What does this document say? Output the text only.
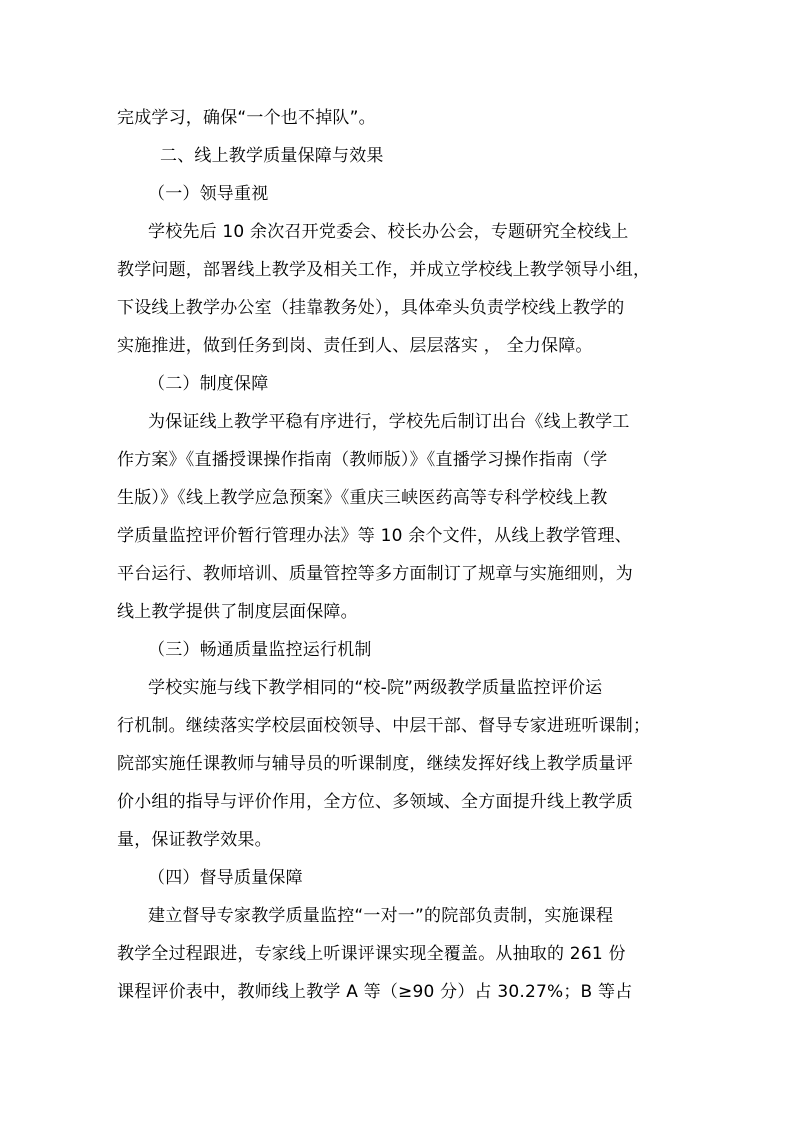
完成学习，确保“一个也不掉队”。
二、线上教学质量保障与效果
（一）领导重视
学校先后 10 余次召开党委会、校长办公会，专题研究全校线上
教学问题，部署线上教学及相关工作，并成立学校线上教学领导小组，
下设线上教学办公室（挂靠教务处），具体牵头负责学校线上教学的
实施推进，做到任务到岗、责任到人、层层落实 ， 全力保障。
（二）制度保障
为保证线上教学平稳有序进行，学校先后制订出台《线上教学工
作方案》《直播授课操作指南（教师版）》《直播学习操作指南（学
生版）》《线上教学应急预案》《重庆三峡医药高等专科学校线上教
学质量监控评价暂行管理办法》等 10 余个文件，从线上教学管理、
平台运行、教师培训、质量管控等多方面制订了规章与实施细则，为
线上教学提供了制度层面保障。
（三）畅通质量监控运行机制
学校实施与线下教学相同的“校-院”两级教学质量监控评价运
行机制。继续落实学校层面校领导、中层干部、督导专家进班听课制；
院部实施任课教师与辅导员的听课制度，继续发挥好线上教学质量评
价小组的指导与评价作用，全方位、多领域、全方面提升线上教学质
量，保证教学效果。
（四）督导质量保障
建立督导专家教学质量监控“一对一”的院部负责制，实施课程
教学全过程跟进，专家线上听课评课实现全覆盖。从抽取的 261 份
课程评价表中，教师线上教学 A 等（≥90 分）占 30.27%；B 等占
